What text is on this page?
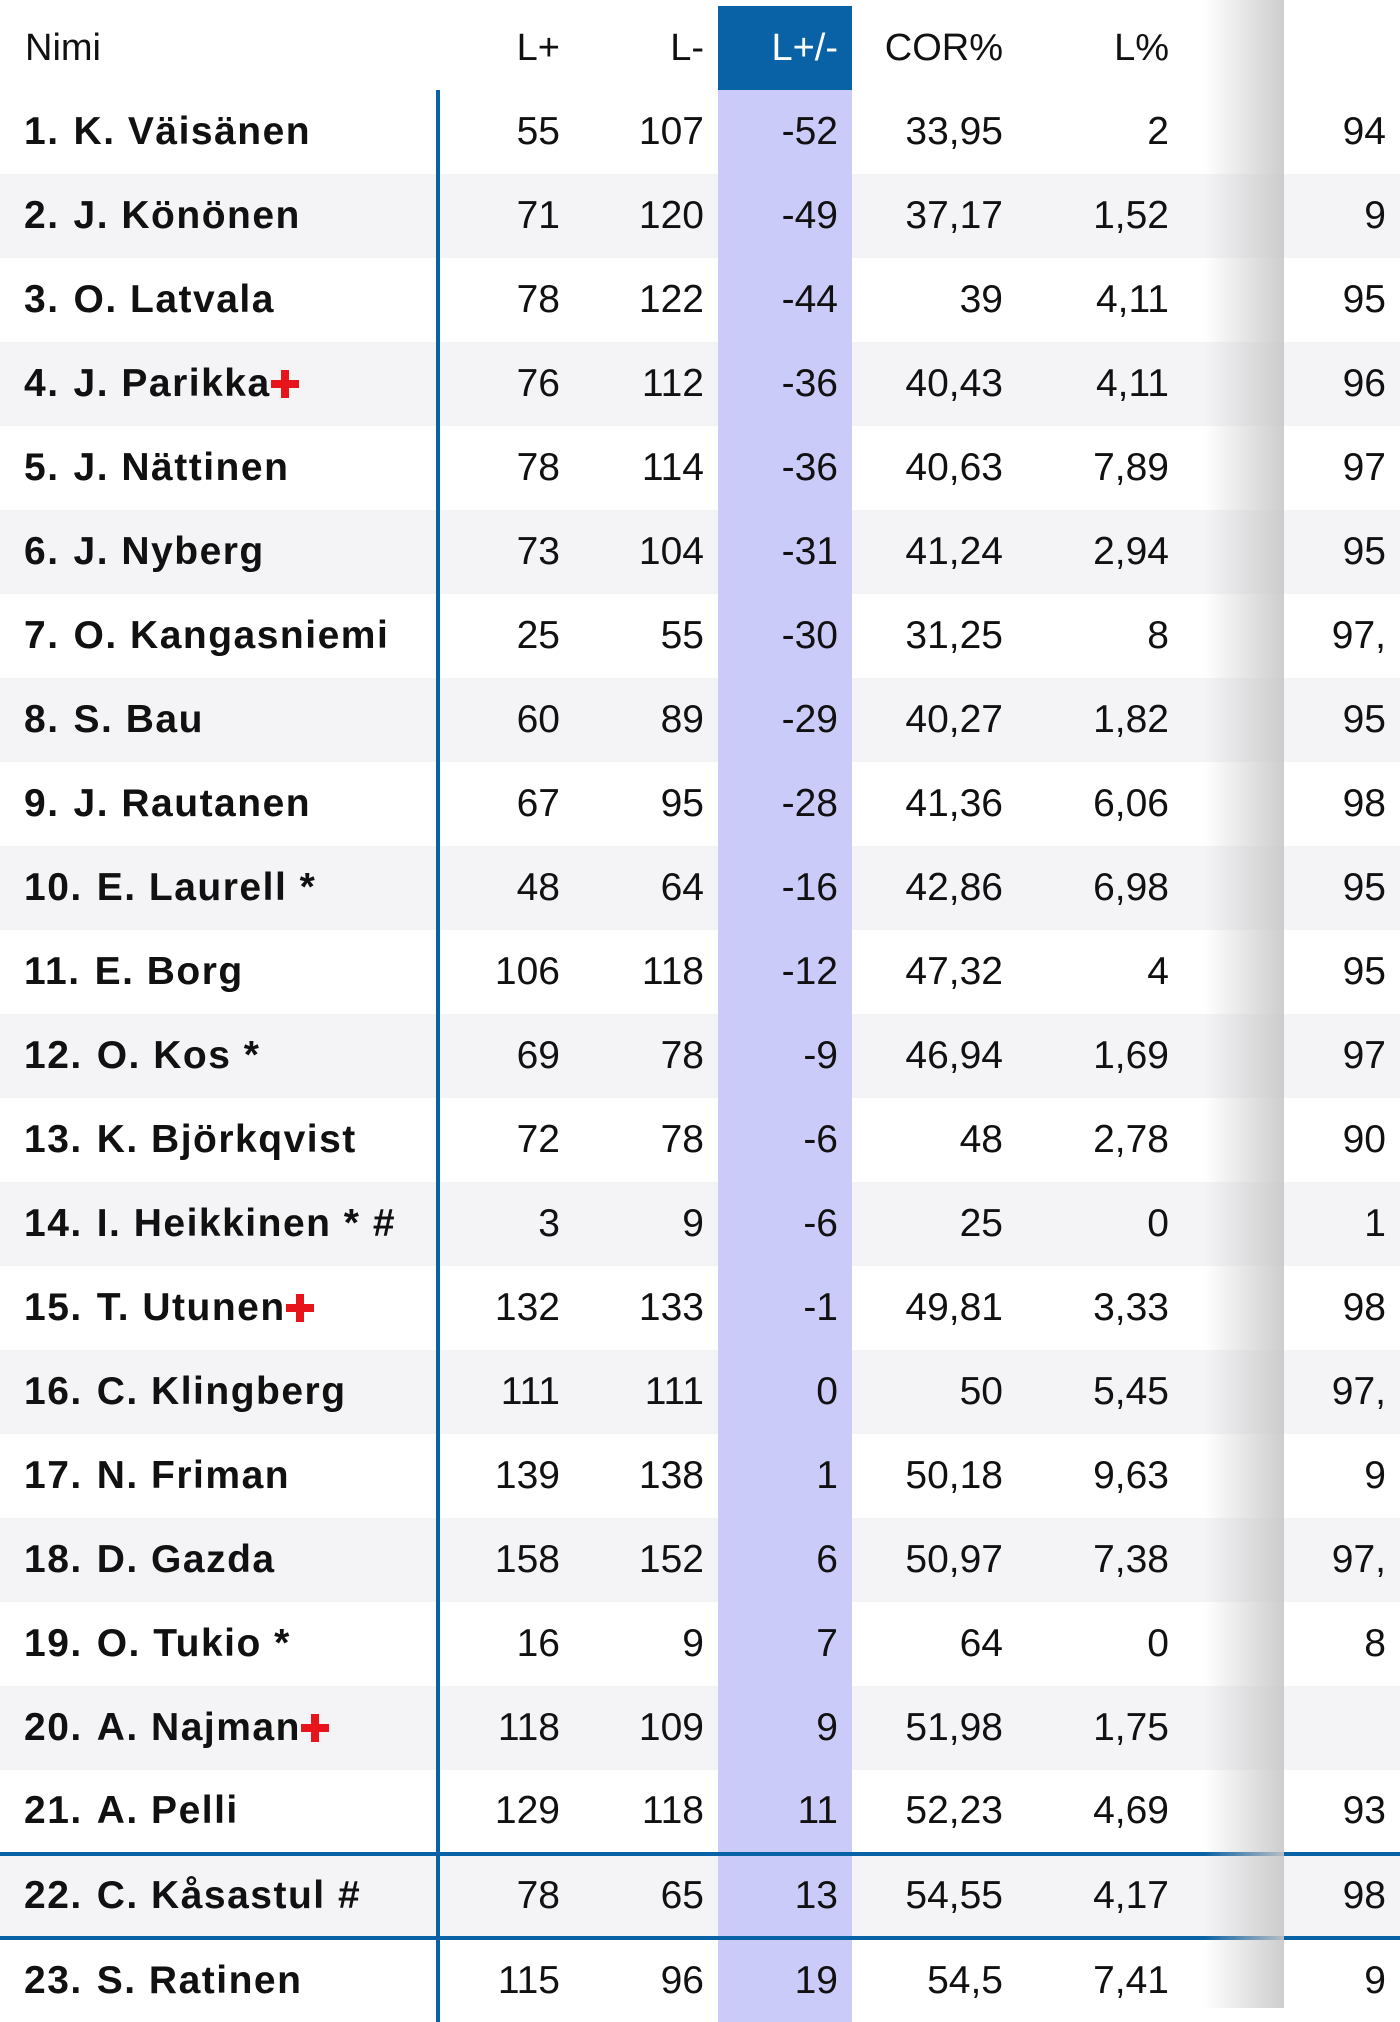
Nimi	L+	L-	L+/-	COR%	L%	
1. K. Väisänen	55	107	-52	33,95	2	94
2. J. Könönen	71	120	-49	37,17	1,52	9
3. O. Latvala	78	122	-44	39	4,11	95
4. J. Parikka	76	112	-36	40,43	4,11	96
5. J. Nättinen	78	114	-36	40,63	7,89	97
6. J. Nyberg	73	104	-31	41,24	2,94	95
7. O. Kangasniemi	25	55	-30	31,25	8	97,
8. S. Bau	60	89	-29	40,27	1,82	95
9. J. Rautanen	67	95	-28	41,36	6,06	98
10. E. Laurell *	48	64	-16	42,86	6,98	95
11. E. Borg	106	118	-12	47,32	4	95
12. O. Kos *	69	78	-9	46,94	1,69	97
13. K. Björkqvist	72	78	-6	48	2,78	90
14. I. Heikkinen * #	3	9	-6	25	0	1
15. T. Utunen	132	133	-1	49,81	3,33	98
16. C. Klingberg	111	111	0	50	5,45	97,
17. N. Friman	139	138	1	50,18	9,63	9
18. D. Gazda	158	152	6	50,97	7,38	97,
19. O. Tukio *	16	9	7	64	0	8
20. A. Najman	118	109	9	51,98	1,75	
21. A. Pelli	129	118	11	52,23	4,69	93
22. C. Kåsastul #	78	65	13	54,55	4,17	98
23. S. Ratinen	115	96	19	54,5	7,41	9
